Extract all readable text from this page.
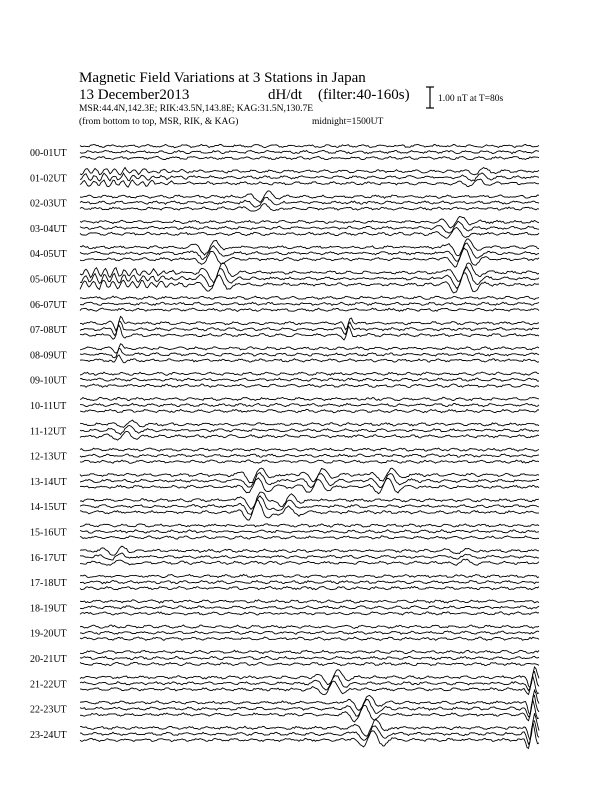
Magnetic Field Variations at 3 Stations in Japan
13 December2013	dH/dt (filter:40-160s)
MSR:44.4N,142.3E; RIK:43.5N,143.8E; KAG:31.5N,130.7E
(from bottom to top, MSR, RIK, & KAG)	midnight=1500UT
1.00 nT at T=80s
00-01UT
01-02UT
02-03UT
03-04UT
04-05UT
05-06UT
06-07UT
07-08UT
08-09UT
09-10UT
10-11UT
11-12UT
12-13UT
13-14UT
14-15UT
15-16UT
16-17UT
17-18UT
18-19UT
19-20UT
20-21UT
21-22UT
22-23UT
23-24UT
